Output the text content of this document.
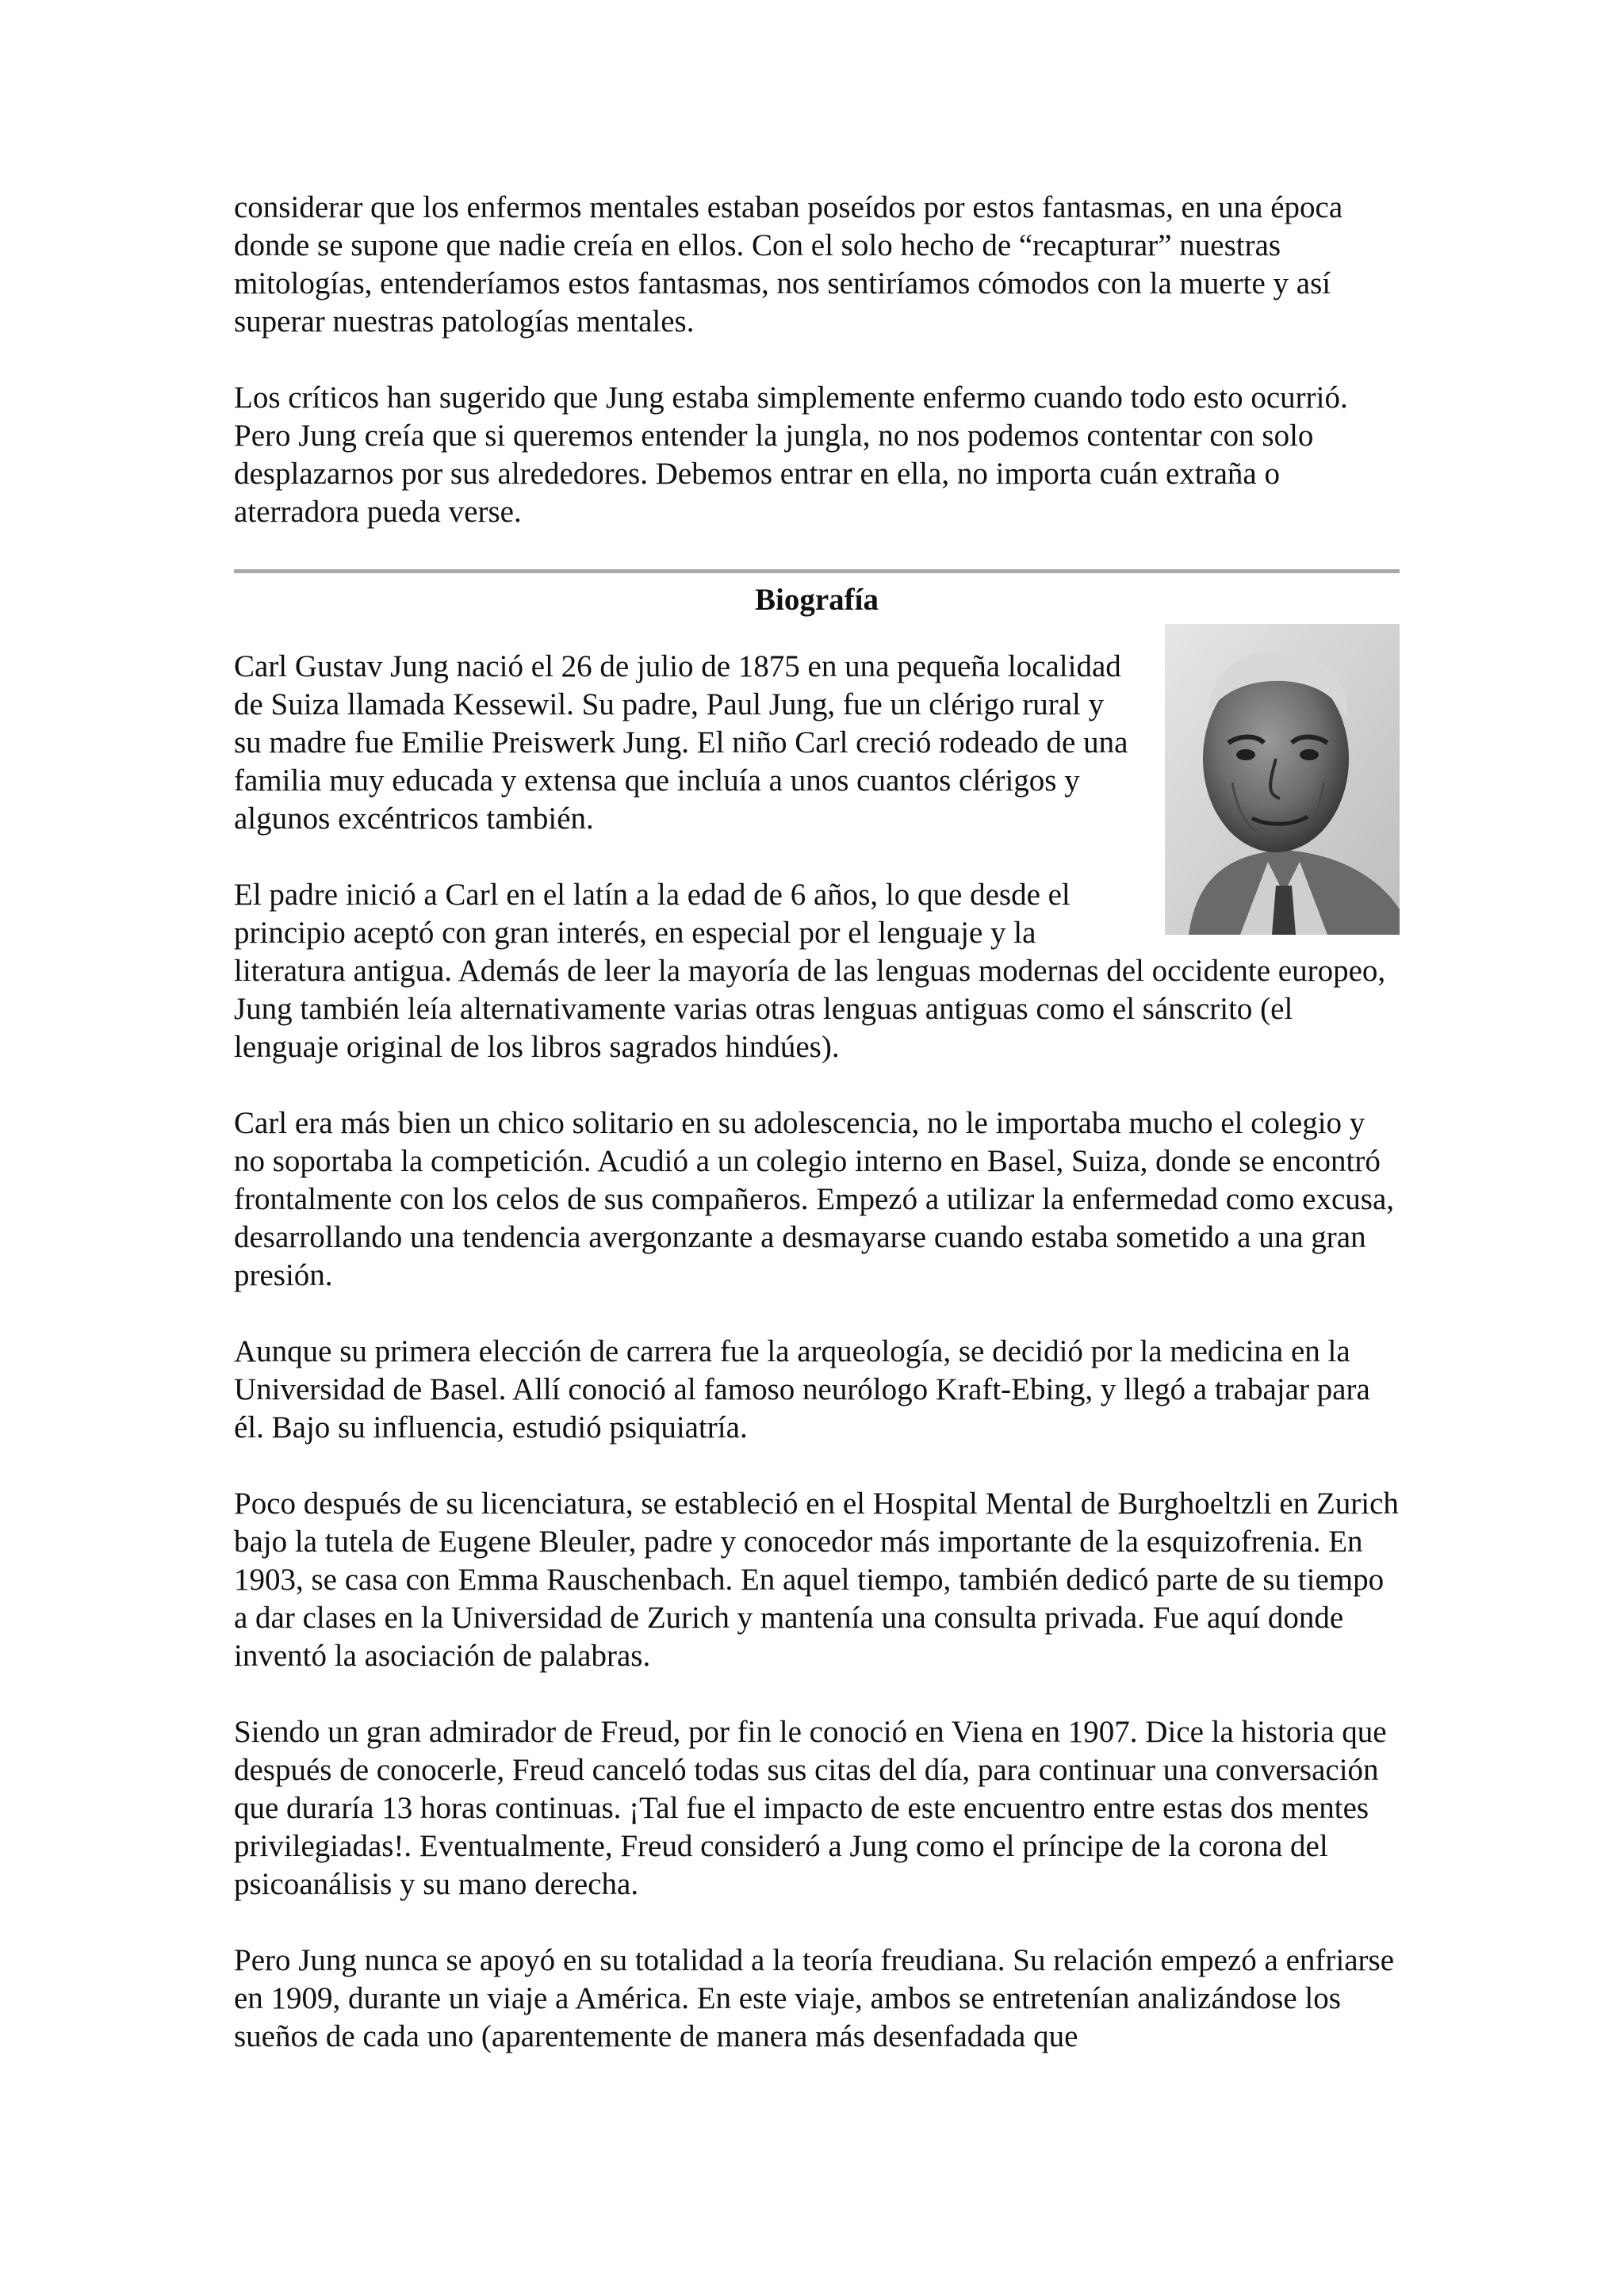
considerar que los enfermos mentales estaban poseídos por estos fantasmas, en una época donde se supone que nadie creía en ellos. Con el solo hecho de “recapturar” nuestras mitologías, entenderíamos estos fantasmas, nos sentiríamos cómodos con la muerte y así superar nuestras patologías mentales.

Los críticos han sugerido que Jung estaba simplemente enfermo cuando todo esto ocurrió. Pero Jung creía que si queremos entender la jungla, no nos podemos contentar con solo desplazarnos por sus alrededores. Debemos entrar en ella, no importa cuán extraña o aterradora pueda verse.

Biografía

Carl Gustav Jung nació el 26 de julio de 1875 en una pequeña localidad de Suiza llamada Kessewil. Su padre, Paul Jung, fue un clérigo rural y su madre fue Emilie Preiswerk Jung. El niño Carl creció rodeado de una familia muy educada y extensa que incluía a unos cuantos clérigos y algunos excéntricos también.

El padre inició a Carl en el latín a la edad de 6 años, lo que desde el principio aceptó con gran interés, en especial por el lenguaje y la literatura antigua. Además de leer la mayoría de las lenguas modernas del occidente europeo, Jung también leía alternativamente varias otras lenguas antiguas como el sánscrito (el lenguaje original de los libros sagrados hindúes).

Carl era más bien un chico solitario en su adolescencia, no le importaba mucho el colegio y no soportaba la competición. Acudió a un colegio interno en Basel, Suiza, donde se encontró frontalmente con los celos de sus compañeros. Empezó a utilizar la enfermedad como excusa, desarrollando una tendencia avergonzante a desmayarse cuando estaba sometido a una gran presión.

Aunque su primera elección de carrera fue la arqueología, se decidió por la medicina en la Universidad de Basel. Allí conoció al famoso neurólogo Kraft-Ebing, y llegó a trabajar para él. Bajo su influencia, estudió psiquiatría.

Poco después de su licenciatura, se estableció en el Hospital Mental de Burghoeltzli en Zurich bajo la tutela de Eugene Bleuler, padre y conocedor más importante de la esquizofrenia. En 1903, se casa con Emma Rauschenbach. En aquel tiempo, también dedicó parte de su tiempo a dar clases en la Universidad de Zurich y mantenía una consulta privada. Fue aquí donde inventó la asociación de palabras.

Siendo un gran admirador de Freud, por fin le conoció en Viena en 1907. Dice la historia que después de conocerle, Freud canceló todas sus citas del día, para continuar una conversación que duraría 13 horas continuas. ¡Tal fue el impacto de este encuentro entre estas dos mentes privilegiadas!. Eventualmente, Freud consideró a Jung como el príncipe de la corona del psicoanálisis y su mano derecha.

Pero Jung nunca se apoyó en su totalidad a la teoría freudiana. Su relación empezó a enfriarse en 1909, durante un viaje a América. En este viaje, ambos se entretenían analizándose los sueños de cada uno (aparentemente de manera más desenfadada que
